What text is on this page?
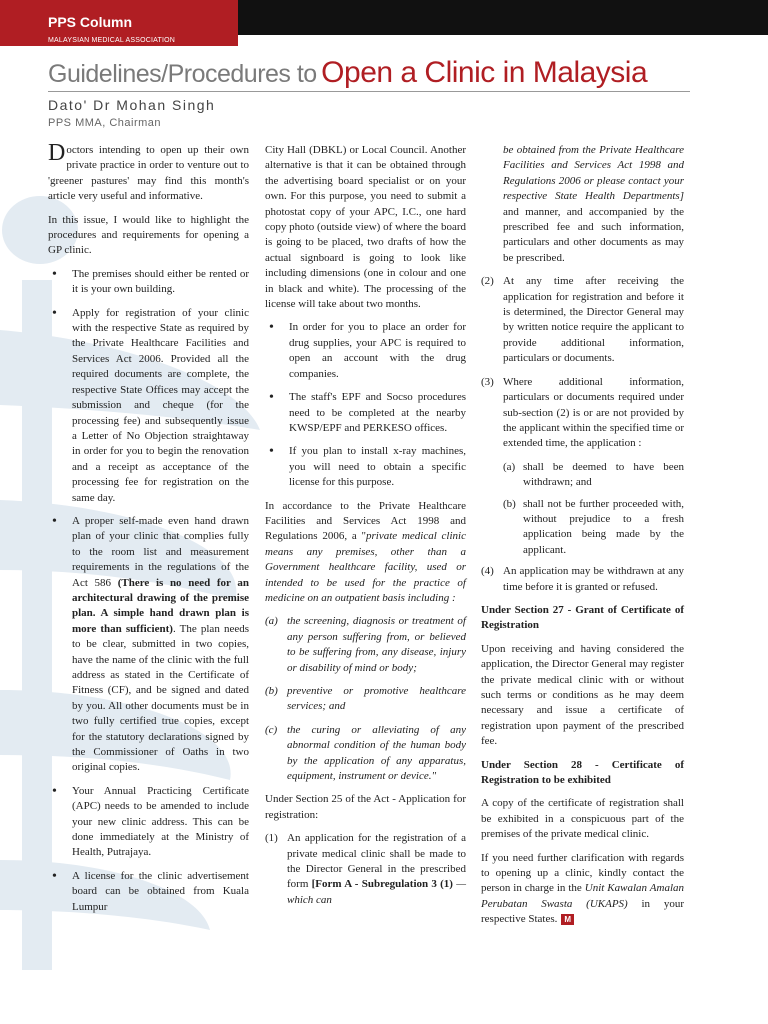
PPS Column
MALAYSIAN MEDICAL ASSOCIATION
Guidelines/Procedures to Open a Clinic in Malaysia
Dato' Dr Mohan Singh
PPS MMA, Chairman

Doctors intending to open up their own private practice in order to venture out to 'greener pastures' may find this month's article very useful and informative.

In this issue, I would like to highlight the procedures and requirements for opening a GP clinic.

• The premises should either be rented or it is your own building.
• Apply for registration of your clinic with the respective State as required by the Private Healthcare Facilities and Services Act 2006. Provided all the required documents are complete, the respective State Offices may accept the submission and cheque (for the processing fee) and subsequently issue a Letter of No Objection straightaway in order for you to begin the renovation and a receipt as acceptance of the processing fee for registration on the same day.
• A proper self-made even hand drawn plan of your clinic that complies fully to the room list and measurement requirements in the regulations of the Act 586 (There is no need for an architectural drawing of the premise plan. A simple hand drawn plan is more than sufficient). The plan needs to be clear, submitted in two copies, have the name of the clinic with the full address as stated in the Certificate of Fitness (CF), and be signed and dated by you. All other documents must be in two fully certified true copies, except for the statutory declarations signed by the Commissioner of Oaths in two original copies.
• Your Annual Practicing Certificate (APC) needs to be amended to include your new clinic address. This can be done immediately at the Ministry of Health, Putrajaya.
• A license for the clinic advertisement board can be obtained from Kuala Lumpur

City Hall (DBKL) or Local Council. Another alternative is that it can be obtained through the advertising board specialist or on your own. For this purpose, you need to submit a photostat copy of your APC, I.C., one hard copy photo (outside view) of where the board is going to be placed, two drafts of how the actual signboard is going to look like including dimensions (one in colour and one in black and white). The processing of the license will take about two months.

• In order for you to place an order for drug supplies, your APC is required to open an account with the drug companies.
• The staff's EPF and Socso procedures need to be completed at the nearby KWSP/EPF and PERKESO offices.
• If you plan to install x-ray machines, you will need to obtain a specific license for this purpose.

In accordance to the Private Healthcare Facilities and Services Act 1998 and Regulations 2006, a "private medical clinic means any premises, other than a Government healthcare facility, used or intended to be used for the practice of medicine on an outpatient basis including :

(a) the screening, diagnosis or treatment of any person suffering from, or believed to be suffering from, any disease, injury or disability of mind or body;
(b) preventive or promotive healthcare services; and
(c) the curing or alleviating of any abnormal condition of the human body by the application of any apparatus, equipment, instrument or device."

Under Section 25 of the Act - Application for registration:

(1) An application for the registration of a private medical clinic shall be made to the Director General in the prescribed form [Form A - Subregulation 3 (1) — which can
be obtained from the Private Healthcare Facilities and Services Act 1998 and Regulations 2006 or please contact your respective State Health Departments] and manner, and accompanied by the prescribed fee and such information, particulars and other documents as may be prescribed.
(2) At any time after receiving the application for registration and before it is determined, the Director General may by written notice require the applicant to provide additional information, particulars or documents.
(3) Where additional information, particulars or documents required under sub-section (2) is or are not provided by the applicant within the specified time or extended time, the application :
(a) shall be deemed to have been withdrawn; and
(b) shall not be further proceeded with, without prejudice to a fresh application being made by the applicant.
(4) An application may be withdrawn at any time before it is granted or refused.
Under Section 27 - Grant of Certificate of Registration

Upon receiving and having considered the application, the Director General may register the private medical clinic with or without such terms or conditions as he may deem necessary and issue a certificate of registration upon payment of the prescribed fee.

Under Section 28 - Certificate of Registration to be exhibited

A copy of the certificate of registration shall be exhibited in a conspicuous part of the premises of the private medical clinic.

If you need further clarification with regards to opening up a clinic, kindly contact the person in charge in the Unit Kawalan Amalan Perubatan Swasta (UKAPS) in your respective States. M
